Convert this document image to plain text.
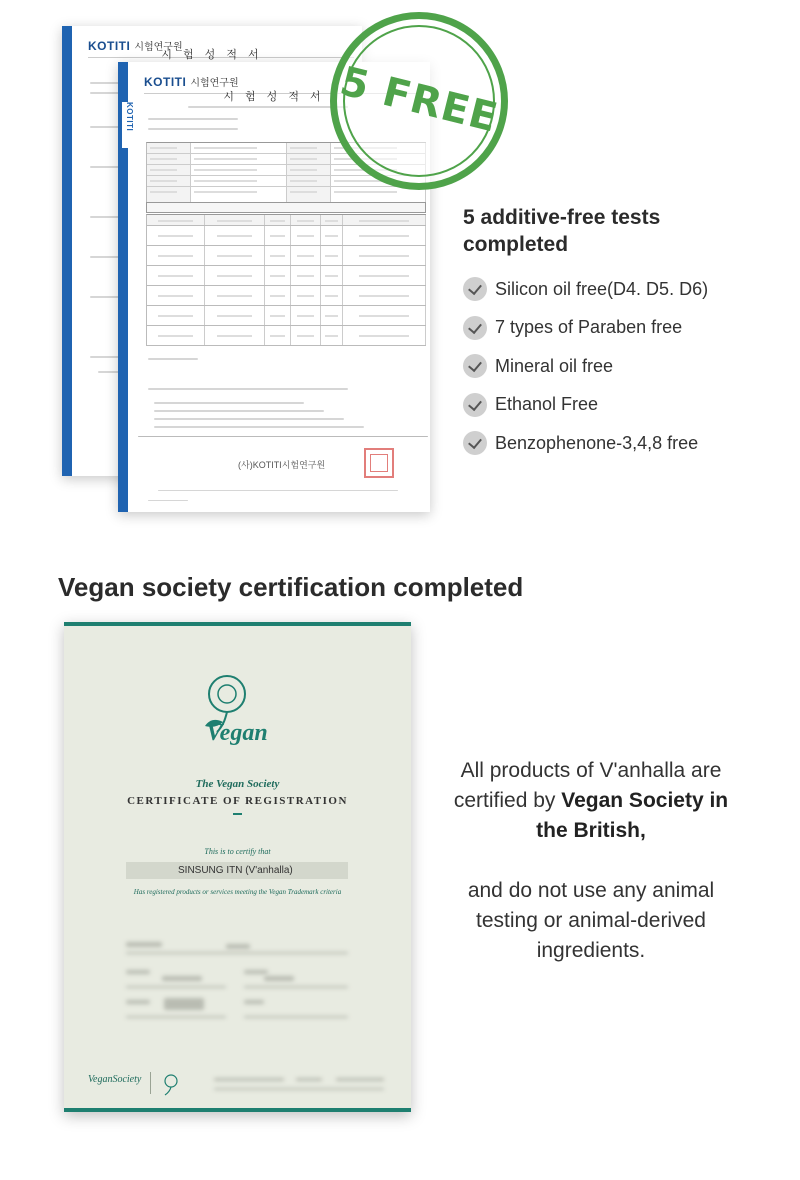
KOTITI 시험연구원
시 험 성 적 서
KOTITI
KOTITI 시험연구원
시 험 성 적 서
(사)KOTITI시험연구원
5 FREE
5 additive-free tests completed
Silicon oil free(D4. D5. D6)
7 types of Paraben free
Mineral oil free
Ethanol Free
Benzophenone-3,4,8 free
Vegan society certification completed
Vegan
The Vegan Society
CERTIFICATE OF REGISTRATION
This is to certify that
SINSUNG ITN (V'anhalla)
Has registered products or services meeting the Vegan Trademark criteria
VeganSociety

All products of V'anhalla are certified by Vegan Society in the British,

and do not use any animal testing or animal-derived ingredients.
